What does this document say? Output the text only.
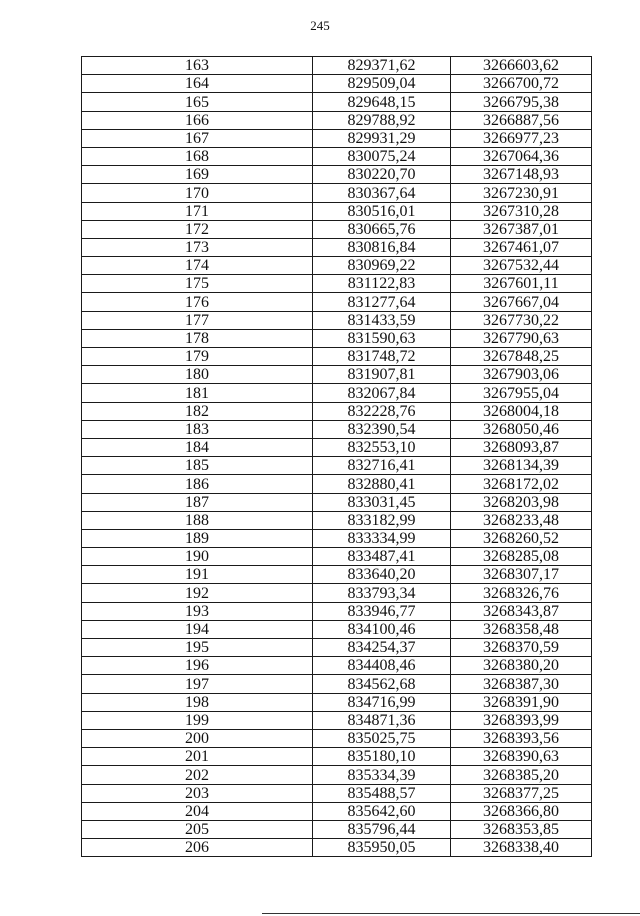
245
163	829371,62	3266603,62
164	829509,04	3266700,72
165	829648,15	3266795,38
166	829788,92	3266887,56
167	829931,29	3266977,23
168	830075,24	3267064,36
169	830220,70	3267148,93
170	830367,64	3267230,91
171	830516,01	3267310,28
172	830665,76	3267387,01
173	830816,84	3267461,07
174	830969,22	3267532,44
175	831122,83	3267601,11
176	831277,64	3267667,04
177	831433,59	3267730,22
178	831590,63	3267790,63
179	831748,72	3267848,25
180	831907,81	3267903,06
181	832067,84	3267955,04
182	832228,76	3268004,18
183	832390,54	3268050,46
184	832553,10	3268093,87
185	832716,41	3268134,39
186	832880,41	3268172,02
187	833031,45	3268203,98
188	833182,99	3268233,48
189	833334,99	3268260,52
190	833487,41	3268285,08
191	833640,20	3268307,17
192	833793,34	3268326,76
193	833946,77	3268343,87
194	834100,46	3268358,48
195	834254,37	3268370,59
196	834408,46	3268380,20
197	834562,68	3268387,30
198	834716,99	3268391,90
199	834871,36	3268393,99
200	835025,75	3268393,56
201	835180,10	3268390,63
202	835334,39	3268385,20
203	835488,57	3268377,25
204	835642,60	3268366,80
205	835796,44	3268353,85
206	835950,05	3268338,40
